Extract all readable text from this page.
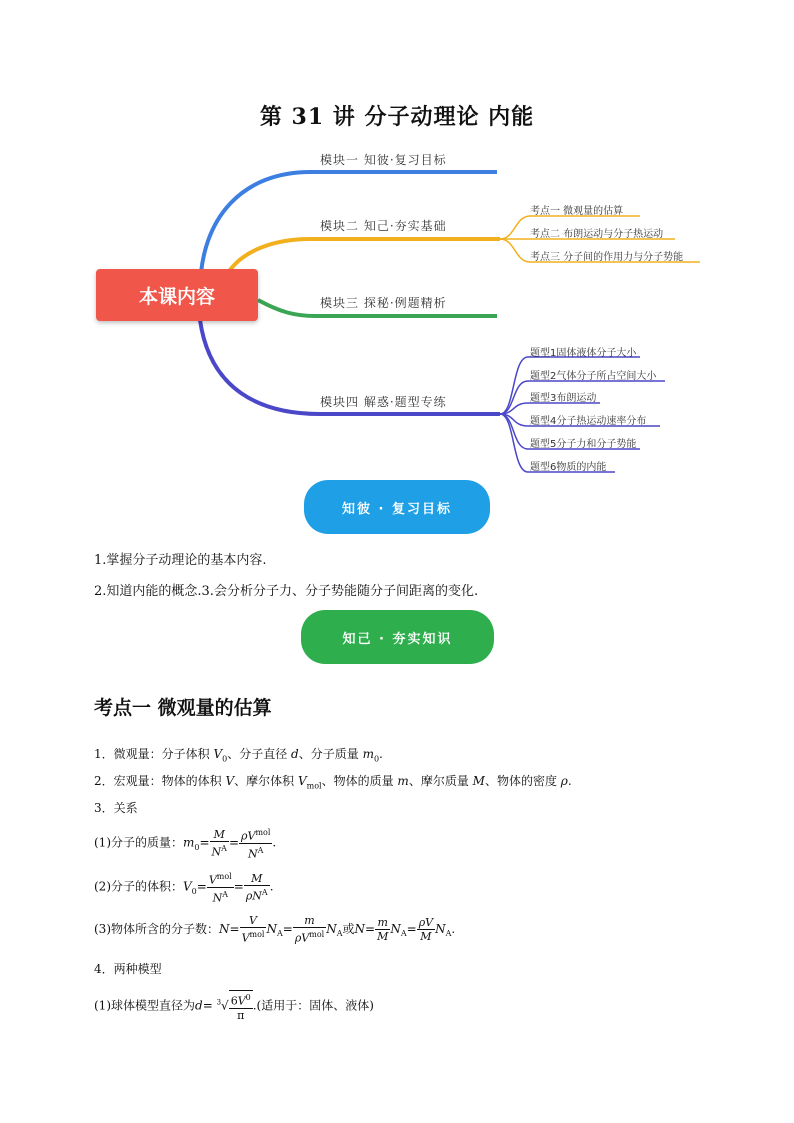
第 31 讲 分子动理论 内能
本课内容
模块一 知彼·复习目标
模块二 知己·夯实基础
模块三 探秘·例题精析
模块四 解惑·题型专练
考点一 微观量的估算
考点二 布朗运动与分子热运动
考点三 分子间的作用力与分子势能
题型1固体液体分子大小
题型2气体分子所占空间大小
题型3布朗运动
题型4分子热运动速率分布
题型5分子力和分子势能
题型6物质的内能
知彼 · 复习目标
1.掌握分子动理论的基本内容.
2.知道内能的概念.3.会分析分子力、分子势能随分子间距离的变化.
知己 · 夯实知识
考点一 微观量的估算
1．微观量：分子体积 $V_0$、分子直径 d、分子质量 $m_0$.
2．宏观量：物体的体积 V、摩尔体积 $V_{mol}$、物体的质量 m、摩尔质量 M、物体的密度 ρ.
3．关系
(1)分子的质量：$m_0= \frac{M}{N^A} = \frac{\rho V^{mol}}{N^A}$ .
(2)分子的体积：$V_0= \frac{V^{mol}}{N^A} = \frac{M}{\rho N^A}$ .
(3)物体所含的分子数：$N= \frac{V}{V^{mol}} N_A= \frac{m}{\rho V^{mol}} N_A$或$N= \frac{m}{M} N_A= \frac{\rho V}{M} N_A$.
4．两种模型
(1)球体模型直径为$d= ^3√ \frac{6V^0}{\pi}$ .(适用于：固体、液体)
